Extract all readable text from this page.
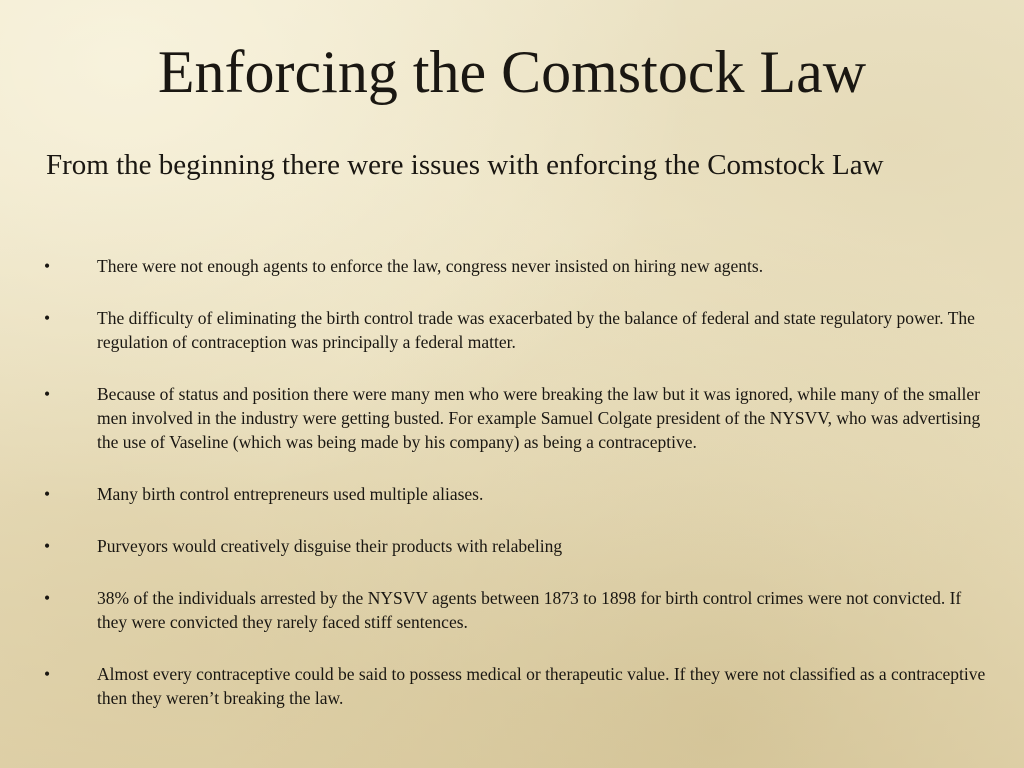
Enforcing the Comstock Law

From the beginning there were issues with enforcing the Comstock Law

•	There were not enough agents to enforce the law, congress never insisted on hiring new agents.
•	The difficulty of eliminating the birth control trade was exacerbated by the balance of federal and state regulatory power. The regulation of contraception was principally a federal matter.
•	Because of status and position there were many men who were breaking the law but it was ignored, while many of the smaller men involved in the industry were getting busted. For example Samuel Colgate president of the NYSVV, who was advertising the use of Vaseline (which was being made by his company) as being a contraceptive.
•	Many birth control entrepreneurs used multiple aliases.
•	Purveyors would creatively disguise their products with relabeling
•	38% of the individuals arrested by the NYSVV agents between 1873 to 1898 for birth control crimes were not convicted. If they were convicted they rarely faced stiff sentences.
•	Almost every contraceptive could be said to possess medical or therapeutic value. If they were not classified as a contraceptive then they weren’t breaking the law.
